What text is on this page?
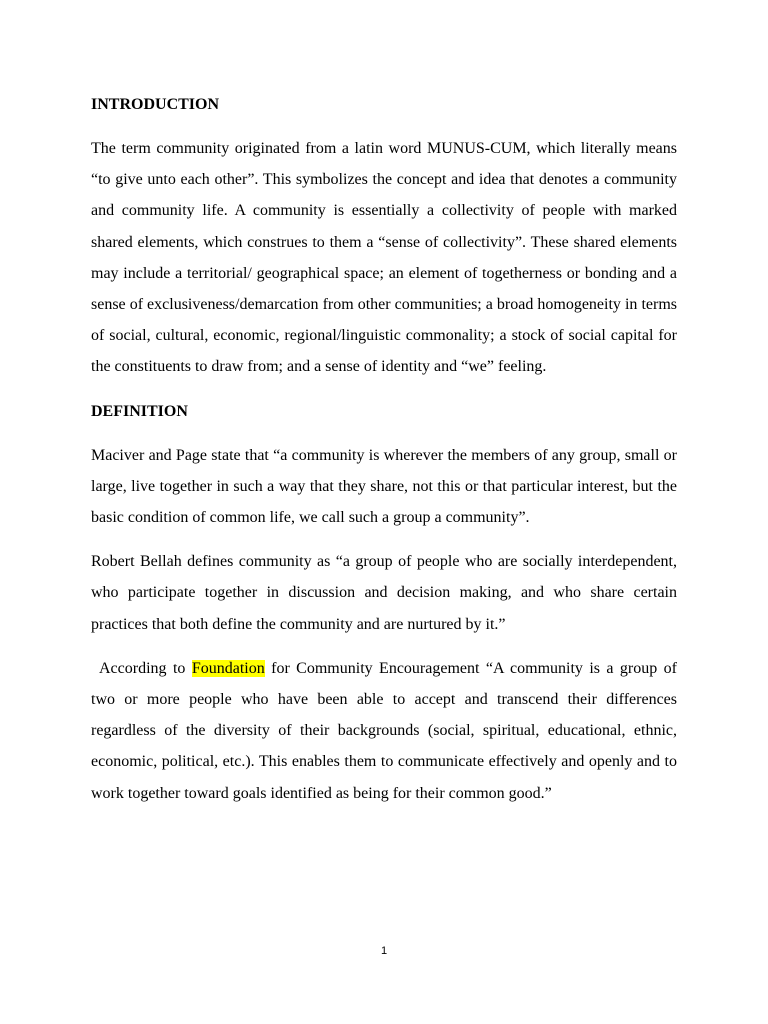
INTRODUCTION

The term community originated from a latin word MUNUS-CUM, which literally means “to give unto each other”. This symbolizes the concept and idea that denotes a community and community life. A community is essentially a collectivity of people with marked shared elements, which construes to them a “sense of collectivity”. These shared elements may include a territorial/ geographical space; an element of togetherness or bonding and a sense of exclusiveness/demarcation from other communities; a broad homogeneity in terms of social, cultural, economic, regional/linguistic commonality; a stock of social capital for the constituents to draw from; and a sense of identity and “we” feeling.

DEFINITION

Maciver and Page state that “a community is wherever the members of any group, small or large, live together in such a way that they share, not this or that particular interest, but the basic condition of common life, we call such a group a community”.

Robert Bellah defines community as “a group of people who are socially interdependent, who participate together in discussion and decision making, and who share certain practices that both define the community and are nurtured by it.”

According to Foundation for Community Encouragement “A community is a group of two or more people who have been able to accept and transcend their differences regardless of the diversity of their backgrounds (social, spiritual, educational, ethnic, economic, political, etc.). This enables them to communicate effectively and openly and to work together toward goals identified as being for their common good.”

1
